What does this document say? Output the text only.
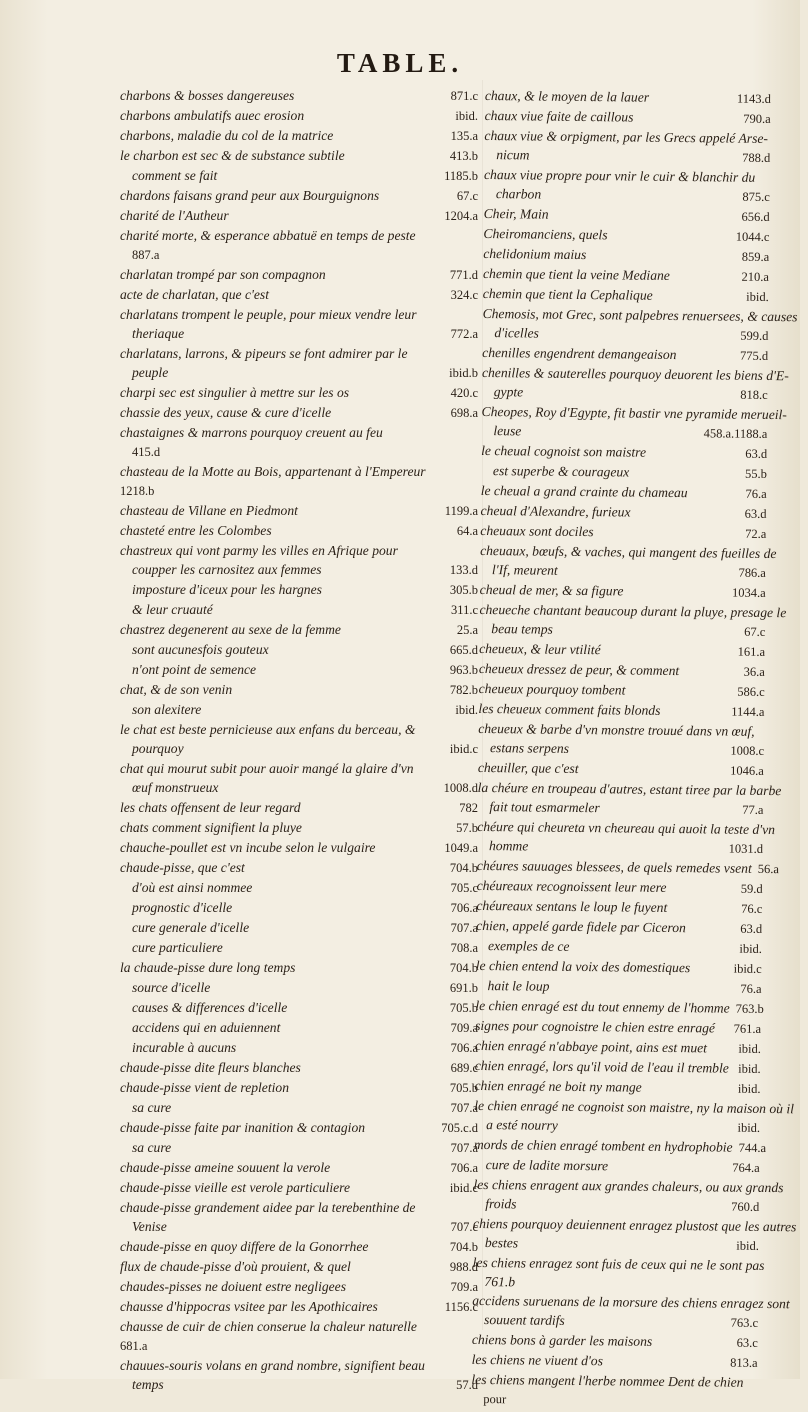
TABLE.
charbons & bosses dangereuses	871.c
charbons ambulatifs auec erosion	ibid.
charbons, maladie du col de la matrice	135.a
le charbon est sec & de substance subtile	413.b
comment se fait	1185.b
chardons faisans grand peur aux Bourguignons	67.c
charité de l'Autheur	1204.a
charité morte, & esperance abbatuë en temps de peste
887.a
charlatan trompé par son compagnon	771.d
acte de charlatan, que c'est	324.c
charlatans trompent le peuple, pour mieux vendre leur
theriaque	772.a
charlatans, larrons, & pipeurs se font admirer par le
peuple	ibid.b
charpi sec est singulier à mettre sur les os	420.c
chassie des yeux, cause & cure d'icelle	698.a
chastaignes & marrons pourquoy creuent au feu
415.d
chasteau de la Motte au Bois, appartenant à l'Empereur
1218.b
chasteau de Villane en Piedmont	1199.a
chasteté entre les Colombes	64.a
chastreux qui vont parmy les villes en Afrique pour
coupper les carnositez aux femmes	133.d
imposture d'iceux pour les hargnes	305.b
& leur cruauté	311.c
chastrez degenerent au sexe de la femme	25.a
sont aucunesfois gouteux	665.d
n'ont point de semence	963.b
chat, & de son venin	782.b
son alexitere	ibid.
le chat est beste pernicieuse aux enfans du berceau, &
pourquoy	ibid.c
chat qui mourut subit pour auoir mangé la glaire d'vn
œuf monstrueux	1008.d
les chats offensent de leur regard	782
chats comment signifient la pluye	57.b
chauche-poullet est vn incube selon le vulgaire	1049.a
chaude-pisse, que c'est	704.b
d'où est ainsi nommee	705.c
prognostic d'icelle	706.a
cure generale d'icelle	707.a
cure particuliere	708.a
la chaude-pisse dure long temps	704.b
source d'icelle	691.b
causes & differences d'icelle	705.b
accidens qui en aduiennent	709.a
incurable à aucuns	706.a
chaude-pisse dite fleurs blanches	689.c
chaude-pisse vient de repletion	705.b
sa cure	707.a
chaude-pisse faite par inanition & contagion	705.c.d
sa cure	707.a
chaude-pisse ameine souuent la verole	706.a
chaude-pisse vieille est verole particuliere	ibid.c
chaude-pisse grandement aidee par la terebenthine de
Venise	707.c
chaude-pisse en quoy differe de la Gonorrhee	704.b
flux de chaude-pisse d'où prouient, & quel	988.d
chaudes-pisses ne doiuent estre negligees	709.a
chausse d'hippocras vsitee par les Apothicaires	1156.c
chausse de cuir de chien conserue la chaleur naturelle
681.a
chauues-souris volans en grand nombre, signifient beau
temps	57.d
chaux, & le moyen de la lauer	1143.d
chaux viue faite de caillous	790.a
chaux viue & orpigment, par les Grecs appelé Arse-
nicum	788.d
chaux viue propre pour vnir le cuir & blanchir du
charbon	875.c
Cheir, Main	656.d
Cheiromanciens, quels	1044.c
chelidonium maius	859.a
chemin que tient la veine Mediane	210.a
chemin que tient la Cephalique	ibid.
Chemosis, mot Grec, sont palpebres renuersees, & causes
d'icelles	599.d
chenilles engendrent demangeaison	775.d
chenilles & sauterelles pourquoy deuorent les biens d'E-
gypte	818.c
Cheopes, Roy d'Egypte, fit bastir vne pyramide merueil-
leuse	458.a.1188.a
le cheual cognoist son maistre	63.d
est superbe & courageux	55.b
le cheual a grand crainte du chameau	76.a
cheual d'Alexandre, furieux	63.d
cheuaux sont dociles	72.a
cheuaux, bœufs, & vaches, qui mangent des fueilles de
l'If, meurent	786.a
cheual de mer, & sa figure	1034.a
cheueche chantant beaucoup durant la pluye, presage le
beau temps	67.c
cheueux, & leur vtilité	161.a
cheueux dressez de peur, & comment	36.a
cheueux pourquoy tombent	586.c
les cheueux comment faits blonds	1144.a
cheueux & barbe d'vn monstre trouué dans vn œuf,
estans serpens	1008.c
cheuiller, que c'est	1046.a
la chéure en troupeau d'autres, estant tiree par la barbe
fait tout esmarmeler	77.a
chéure qui cheureta vn cheureau qui auoit la teste d'vn
homme	1031.d
chéures sauuages blessees, de quels remedes vsent 56.a
chéureaux recognoissent leur mere	59.d
chéureaux sentans le loup le fuyent	76.c
chien, appelé garde fidele par Ciceron	63.d
exemples de ce	ibid.
le chien entend la voix des domestiques	ibid.c
hait le loup	76.a
le chien enragé est du tout ennemy de l'homme 763.b
signes pour cognoistre le chien estre enragé	761.a
chien enragé n'abbaye point, ains est muet	ibid.
chien enragé, lors qu'il void de l'eau il tremble ibid.
chien enragé ne boit ny mange	ibid.
le chien enragé ne cognoist son maistre, ny la maison où il
a esté nourry	ibid.
mords de chien enragé tombent en hydrophobie 744.a
cure de ladite morsure	764.a
les chiens enragent aux grandes chaleurs, ou aux grands
froids	760.d
chiens pourquoy deuiennent enragez plustost que les autres
bestes	ibid.
les chiens enragez sont fuis de ceux qui ne le sont pas
761.b
accidens suruenans de la morsure des chiens enragez sont
souuent tardifs	763.c
chiens bons à garder les maisons	63.c
les chiens ne viuent d'os	813.a
les chiens mangent l'herbe nommee Dent de chien
pour
